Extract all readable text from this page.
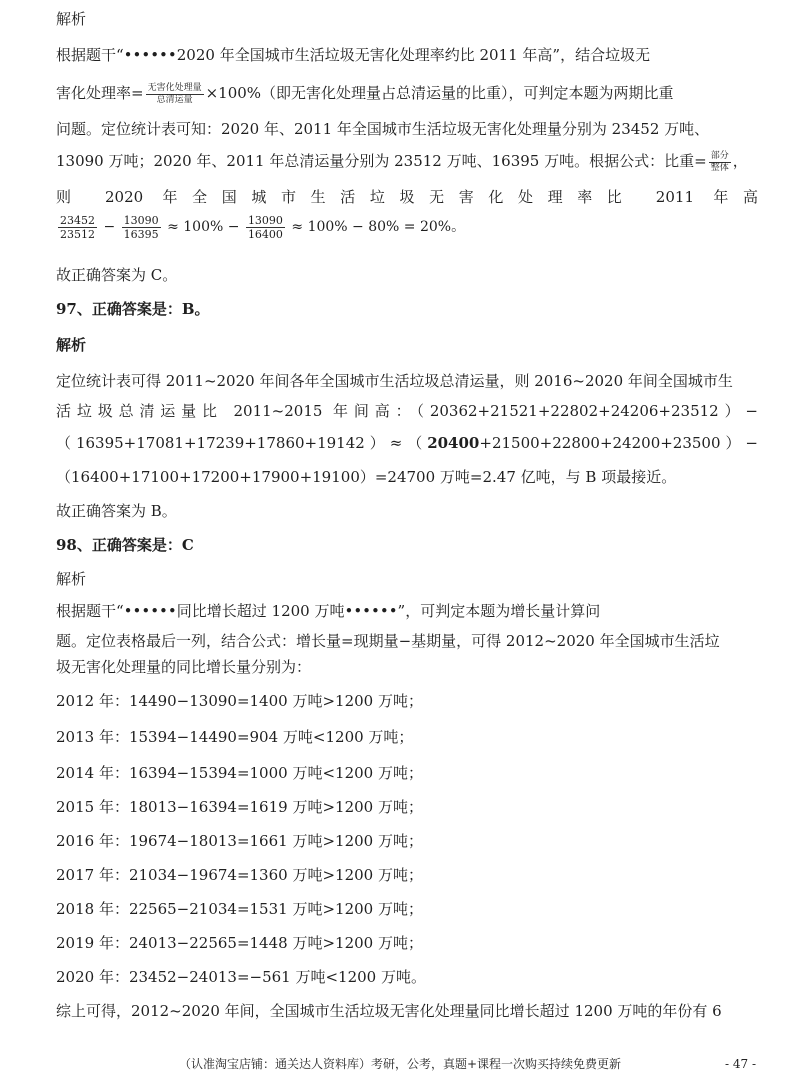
解析
根据题干“••••••2020 年全国城市生活垃圾无害化处理率约比 2011 年高”，结合垃圾无
害化处理率= $\frac{\text{无害化处理量}}{\text{总清运量}} \times 100\%$（即无害化处理量占总清运量的比重），可判定本题为两期比重
问题。定位统计表可知：2020 年、2011 年全国城市生活垃圾无害化处理量分别为 23452 万吨、
13090 万吨；2020 年、2011 年总清运量分别为 23512 万吨、16395 万吨。根据公式：比重= $\frac{\text{部分}}{\text{整体}}$ ，
则 2020 年全国城市生活垃圾无害化处理率比 2011 年高
$\frac{23452}{23512} - \frac{13090}{16395} \approx 100\% - \frac{13090}{16400} \approx 100\% - 80\% = 20\%$。
故正确答案为 C。
97、正确答案是：B。
解析
定位统计表可得 2011~2020 年间各年全国城市生活垃圾总清运量，则 2016~2020 年间全国城市生
活垃圾总清运量比 2011~2015 年间高：（20362+21521+22802+24206+23512）−
（16395+17081+17239+17860+19142）≈（20400+21500+22800+24200+23500）−
（16400+17100+17200+17900+19100）=24700 万吨=2.47 亿吨，与 B 项最接近。
故正确答案为 B。
98、正确答案是：C
解析
根据题干“••••••同比增长超过 1200 万吨••••••”，可判定本题为增长量计算问
题。定位表格最后一列，结合公式：增长量=现期量−基期量，可得 2012~2020 年全国城市生活垃
圾无害化处理量的同比增长量分别为：
2012 年：14490−13090=1400 万吨>1200 万吨；
2013 年：15394−14490=904 万吨<1200 万吨；
2014 年：16394−15394=1000 万吨<1200 万吨；
2015 年：18013−16394=1619 万吨>1200 万吨；
2016 年：19674−18013=1661 万吨>1200 万吨；
2017 年：21034−19674=1360 万吨>1200 万吨；
2018 年：22565−21034=1531 万吨>1200 万吨；
2019 年：24013−22565=1448 万吨>1200 万吨；
2020 年：23452−24013=−561 万吨<1200 万吨。
综上可得，2012~2020 年间，全国城市生活垃圾无害化处理量同比增长超过 1200 万吨的年份有 6
（认准淘宝店铺：通关达人资料库）考研，公考，真题+课程一次购买持续免费更新	- 47 -
